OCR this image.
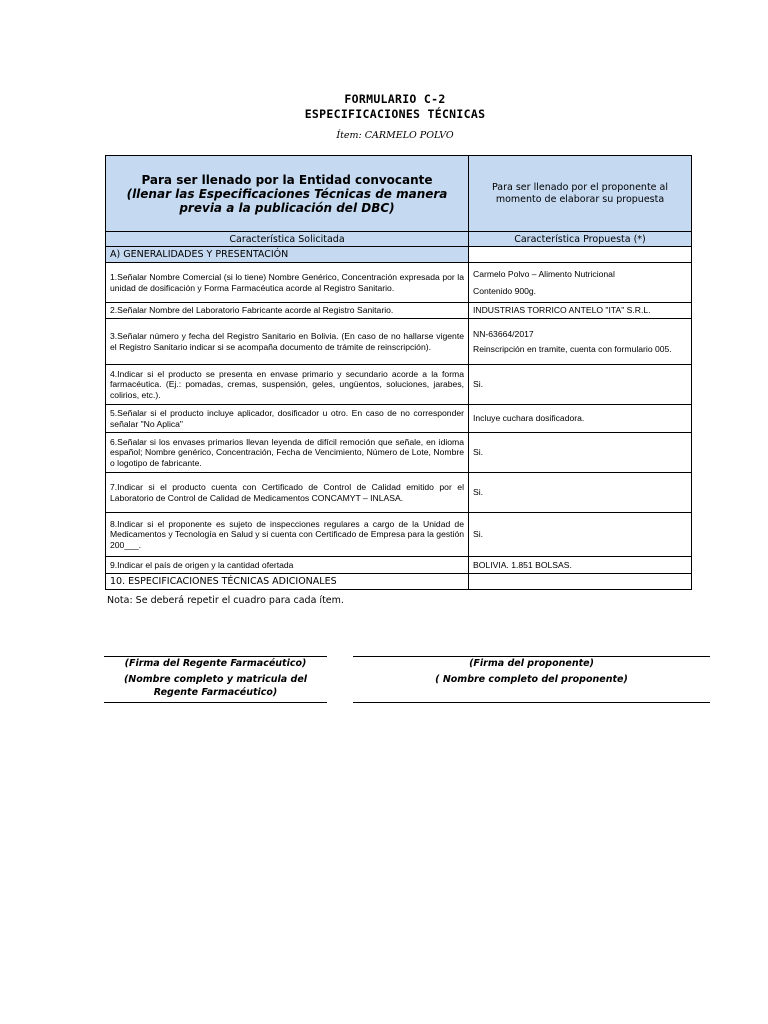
FORMULARIO C-2
ESPECIFICACIONES TÉCNICAS
Ítem: CARMELO POLVO
Para ser llenado por la Entidad convocante
(llenar las Especificaciones Técnicas de manera previa a la publicación del DBC)	Para ser llenado por el proponente al momento de elaborar su propuesta
Característica Solicitada	Característica Propuesta (*)
A) GENERALIDADES Y PRESENTACIÓN	
1.Señalar Nombre Comercial (si lo tiene) Nombre Genérico, Concentración expresada por la unidad de dosificación y Forma Farmacéutica acorde al Registro Sanitario.	Carmelo Polvo – Alimento Nutricional
Contenido 900g.

2.Señalar Nombre del Laboratorio Fabricante acorde al Registro Sanitario.	INDUSTRIAS TORRICO ANTELO "ITA" S.R.L.
3.Señalar número y fecha del Registro Sanitario en Bolivia. (En caso de no hallarse vigente el Registro Sanitario indicar si se acompaña documento de trámite de reinscripción).	NN-63664/2017
Reinscripción en tramite, cuenta con formulario 005.

4.Indicar si el producto se presenta en envase primario y secundario acorde a la forma farmacéutica. (Ej.: pomadas, cremas, suspensión, geles, ungüentos, soluciones, jarabes, colirios, etc.).	Si.
5.Señalar si el producto incluye aplicador, dosificador u otro. En caso de no corresponder señalar "No Aplica"	Incluye cuchara dosificadora.
6.Señalar si los envases primarios llevan leyenda de difícil remoción que señale, en idioma español; Nombre genérico, Concentración, Fecha de Vencimiento, Número de Lote, Nombre o logotipo de fabricante.	Si.
7.Indicar si el producto cuenta con Certificado de Control de Calidad emitido por el Laboratorio de Control de Calidad de Medicamentos CONCAMYT – INLASA.	Si.
8.Indicar si el proponente es sujeto de inspecciones regulares a cargo de la Unidad de Medicamentos y Tecnología en Salud y si cuenta con Certificado de Empresa para la gestión 200___.	Si.
9.Indicar el país de origen y la cantidad ofertada	BOLIVIA. 1.851 BOLSAS.
10. ESPECIFICACIONES TÉCNICAS ADICIONALES	
Nota: Se deberá repetir el cuadro para cada ítem.
(Firma del Regente Farmacéutico)
(Nombre completo y matricula del Regente Farmacéutico)
(Firma del proponente)
( Nombre completo del proponente)
